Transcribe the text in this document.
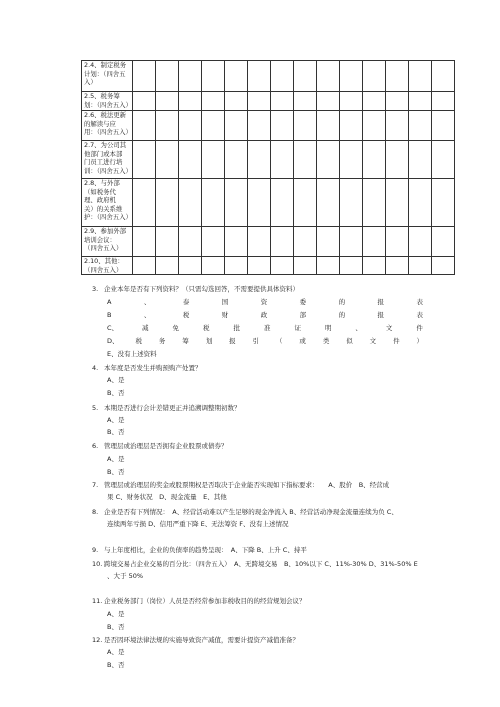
2.4、制定税务
计划：（四舍五
入）														

2.5、税务筹
划：（四舍五入）														

2.6、税法更新
的解读与应
用：（四舍五入）														

2.7、为公司其
他部门或本部
门员工进行培
训：（四舍五入）														

2.8、与外部
（如税务代
理、政府机
关）的关系维
护：（四舍五入）														

2.9、参加外部
培训会议：
（四舍五入）														

2.10、其他：
（四舍五入）														

3. 企业本年是否有下列资料？（只需勾选回答，不需要提供具体资料）
A	、	泰	国	资	委	的	报	表
B	、	税	财	政	部	的	报	表
C、	减	免	税	批	准	证	明	、	文	件
D、	税	务	筹	划	报	引	（	或	类	似	文	件	）
E、没有上述资料
4. 本年度是否发生并购预购产处置？
A、是
B、否
5. 本期是否进行会计差错更正并追溯调整期初数？
A、是
B、否
6. 管理层或治理层是否拥有企业股票或债券？
A、是
B、否
7. 管理层或治理层的奖金或股票期权是否取决于企业能否实现如下指标要求：　　A、股价　B、经营成
果 C、财务状况　D、现金流量　E、其他
8. 企业是否有下列情况：　A、经营活动难以产生足够的现金净流入 B、经营活动净现金流量连续为负 C、
连续两年亏损 D、信用严重下降 E、无法筹资 F、没有上述情况
9. 与上年度相比，企业的负债率的趋势呈现：　A、下降 B、上升 C、持平
10. 跨境交易占企业交易的百分比：（四舍五入）　A、无跨境交易　B、10%以下 C、11%-30% D、31%-50% E
、大于 50%
11. 企业税务部门（岗位）人员是否经常参加非税收目的的经营规划会议？
A、是
B、否
12. 是否因环境法律法规的实施导致资产减值，需要计提资产减值准备？
A、是
B、否
